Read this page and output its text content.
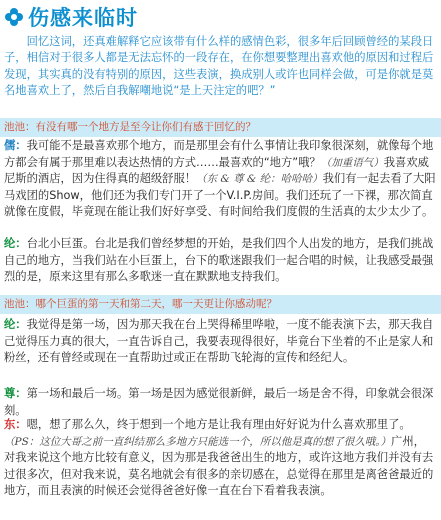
伤感来临时

回忆这词，还真难解释它应该带有什么样的感情色彩，很多年后回顾曾经的某段日子，相信对于很多人都是无法忘怀的一段存在，在你想要整理出喜欢他的原因和过程后发现，其实真的没有特别的原因，这些表演，换成别人或许也同样会做，可是你就是莫名地喜欢上了，然后自我解嘲地说“是上天注定的吧？”

池池：有没有哪一个地方是至今让你们有感于回忆的？

儒：我可能不是最喜欢那个地方，而是那里会有什么事情让我印象很深刻，就像每个地方都会有属于那里难以表达热情的方式……最喜欢的“地方”哦？（加重语气）我喜欢威尼斯的酒店，因为住得真的超级舒服！（东 & 尊 & 纶：哈哈哈）我们有一起去看了大阳马戏团的Show，他们还为我们专门开了一个V.I.P.房间。我们还玩了一下裸，那次简直就像在度假，毕竟现在能让我们好好享受、有时间给我们度假的生活真的太少太少了。

纶：台北小巨蛋。台北是我们曾经梦想的开始，是我们四个人出发的地方，是我们挑战自己的地方，当我们站在小巨蛋上，台下的歌迷跟我们一起合唱的时候，让我感受最强烈的是，原来这里有那么多歌迷一直在默默地支持我们。

池池：哪个巨蛋的第一天和第二天，哪一天更让你感动呢？

纶：我觉得是第一场，因为那天我在台上哭得稀里哗啦，一度不能表演下去，那天我自己觉得压力真的很大，一直告诉自己，我要表现得很好，毕竟台下坐着的不止是家人和粉丝，还有曾经或现在一直帮助过或正在帮助飞轮海的宣传和经纪人。

尊：第一场和最后一场。第一场是因为感觉很新鲜，最后一场是舍不得，印象就会很深刻。

东：嗯，想了那么久，终于想到一个地方是让我有理由好好说为什么喜欢那里了。（PS：这位大哥之前一直纠结那么多地方只能选一个，所以他是真的想了很久哦。）广州，对我来说这个地方比较有意义，因为那是我爸爸出生的地方，或许这地方我们并没有去过很多次，但对我来说，莫名地就会有很多的亲切感在，总觉得在那里是离爸爸最近的地方，而且表演的时候还会觉得爸爸好像一直在台下看着我表演。
